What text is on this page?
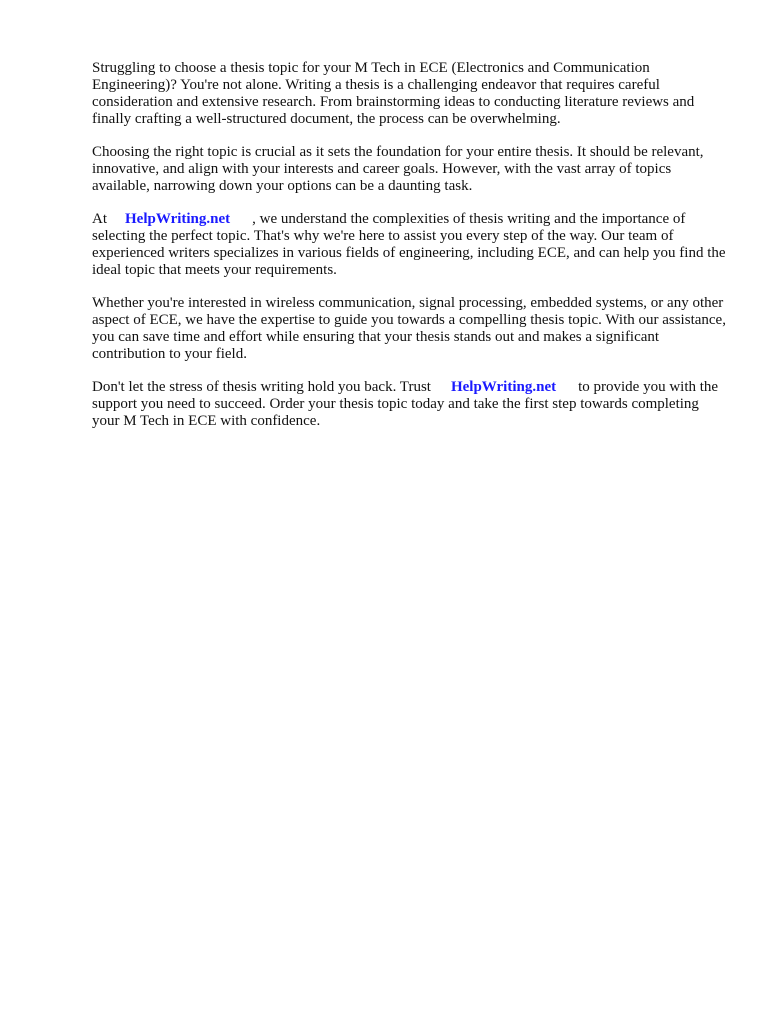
Struggling to choose a thesis topic for your M Tech in ECE (Electronics and Communication Engineering)? You're not alone. Writing a thesis is a challenging endeavor that requires careful consideration and extensive research. From brainstorming ideas to conducting literature reviews and finally crafting a well-structured document, the process can be overwhelming.

Choosing the right topic is crucial as it sets the foundation for your entire thesis. It should be relevant, innovative, and align with your interests and career goals. However, with the vast array of topics available, narrowing down your options can be a daunting task.

At HelpWriting.net , we understand the complexities of thesis writing and the importance of selecting the perfect topic. That's why we're here to assist you every step of the way. Our team of experienced writers specializes in various fields of engineering, including ECE, and can help you find the ideal topic that meets your requirements.

Whether you're interested in wireless communication, signal processing, embedded systems, or any other aspect of ECE, we have the expertise to guide you towards a compelling thesis topic. With our assistance, you can save time and effort while ensuring that your thesis stands out and makes a significant contribution to your field.

Don't let the stress of thesis writing hold you back. Trust HelpWriting.net to provide you with the support you need to succeed. Order your thesis topic today and take the first step towards completing your M Tech in ECE with confidence.
